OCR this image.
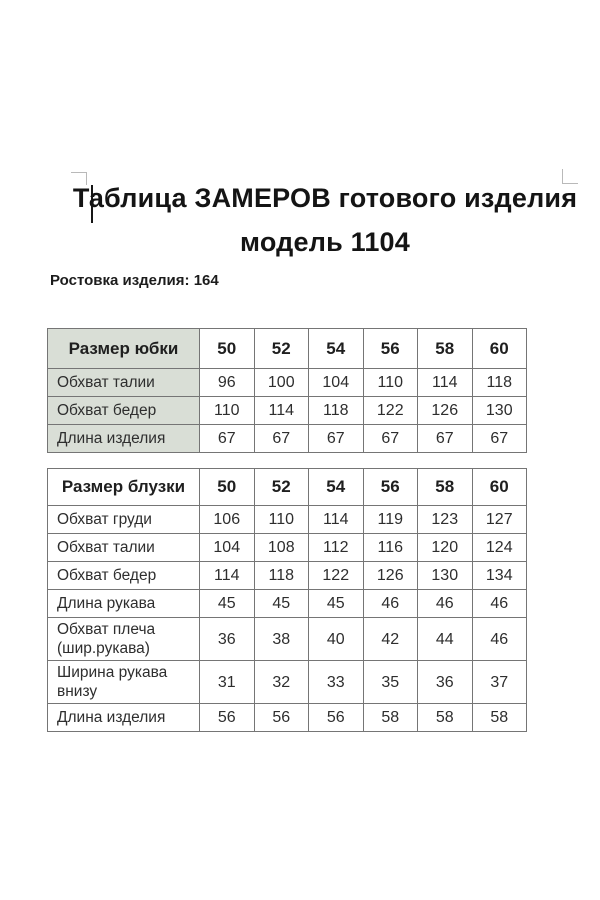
Таблица ЗАМЕРОВ готового изделия
модель 1104
Ростовка изделия: 164
Размер юбки	50	52	54	56	58	60
Обхват талии	96	100	104	110	114	118
Обхват бедер	110	114	118	122	126	130
Длина изделия	67	67	67	67	67	67
Размер блузки	50	52	54	56	58	60
Обхват груди	106	110	114	119	123	127
Обхват талии	104	108	112	116	120	124
Обхват бедер	114	118	122	126	130	134
Длина рукава	45	45	45	46	46	46
Обхват плеча (шир.рукава)	36	38	40	42	44	46
Ширина рукава внизу	31	32	33	35	36	37
Длина изделия	56	56	56	58	58	58
